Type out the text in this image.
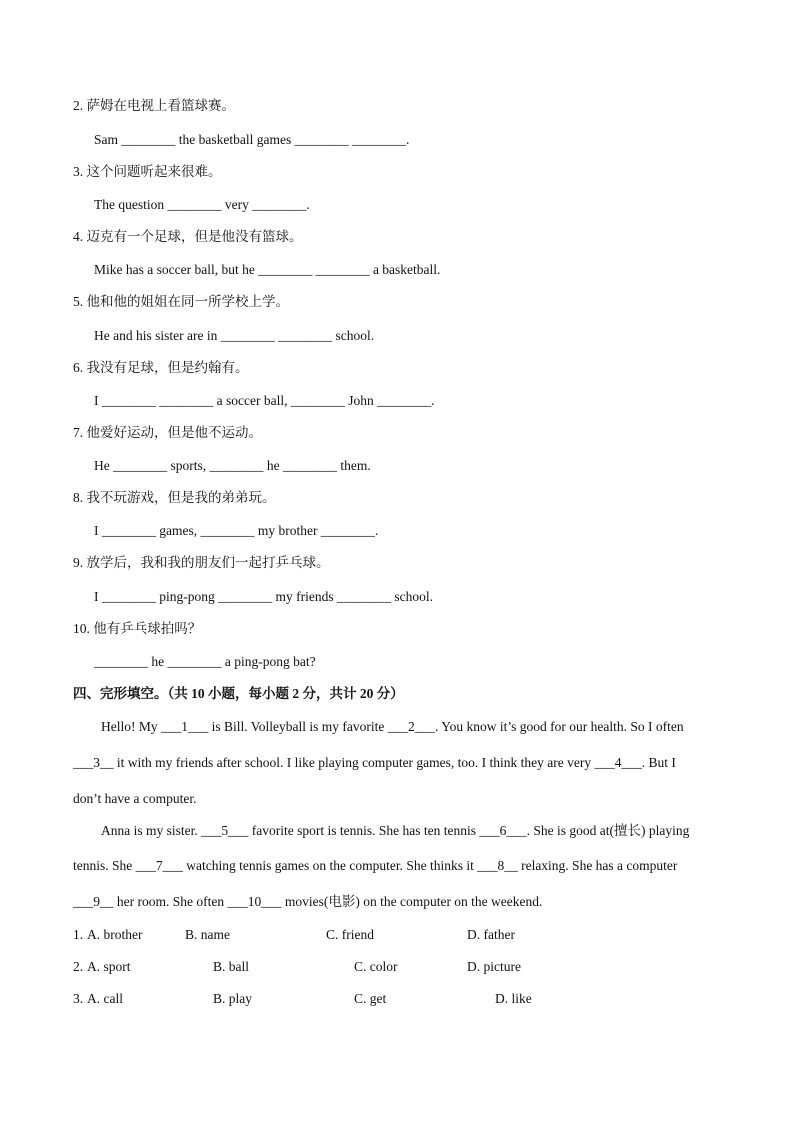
2. 萨姆在电视上看篮球赛。
Sam ________ the basketball games ________ ________.
3. 这个问题听起来很难。
The question ________ very ________.
4. 迈克有一个足球，但是他没有篮球。
Mike has a soccer ball, but he ________ ________ a basketball.
5. 他和他的姐姐在同一所学校上学。
He and his sister are in ________ ________ school.
6. 我没有足球，但是约翰有。
I ________ ________ a soccer ball, ________ John ________.
7. 他爱好运动，但是他不运动。
He ________ sports, ________ he ________ them.
8. 我不玩游戏，但是我的弟弟玩。
I ________ games, ________ my brother ________.
9. 放学后，我和我的朋友们一起打乒乓球。
I ________ ping-pong ________ my friends ________ school.
10. 他有乒乓球拍吗？
________ he ________ a ping-pong bat?
四、完形填空。（共 10 小题，每小题 2 分，共计 20 分）
Hello! My ___1___ is Bill. Volleyball is my favorite ___2___. You know it’s good for our health. So I often
___3__ it with my friends after school. I like playing computer games, too. I think they are very ___4___. But I
don’t have a computer.
Anna is my sister. ___5___ favorite sport is tennis. She has ten tennis ___6___. She is good at(擅长) playing
tennis. She ___7___ watching tennis games on the computer. She thinks it ___8__ relaxing. She has a computer
___9__ her room. She often ___10___ movies(电影) on the computer on the weekend.
1. A. brother	B. name	C. friend	D. father
2. A. sport	B. ball	C. color	D. picture
3. A. call	B. play	C. get	D. like
